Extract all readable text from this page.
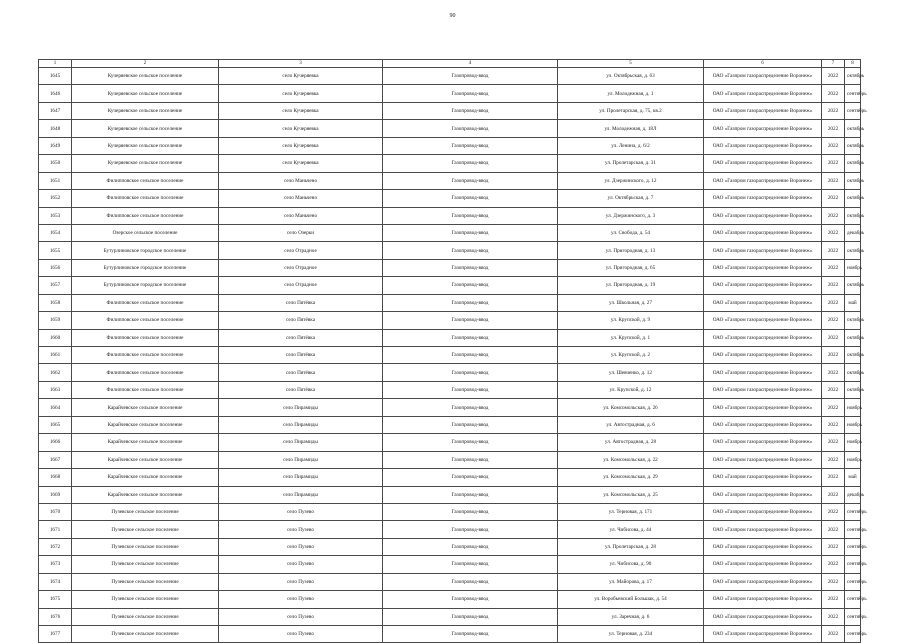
90
1	2	3	4	5	6	7	8
1645	Кучеряевское сельское поселение	село Кучеряевка	Газопровод-ввод	ул. Октябрьская, д. 63	ОАО «Газпром газораспределение Воронеж»	2022	октябрь
1646	Кучеряевское сельское поселение	село Кучеряевка	Газопровод-ввод	ул. Молодежная, д. 1	ОАО «Газпром газораспределение Воронеж»	2022	сентябрь
1647	Кучеряевское сельское поселение	село Кучеряевка	Газопровод-ввод	ул. Пролетарская, д. 75, кв.2	ОАО «Газпром газораспределение Воронеж»	2022	сентябрь
1648	Кучеряевское сельское поселение	село Кучеряевка	Газопровод-ввод	ул. Молодежная, д. 18Л	ОАО «Газпром газораспределение Воронеж»	2022	октябрь
1649	Кучеряевское сельское поселение	село Кучеряевка	Газопровод-ввод	ул. Ленина, д. 6/2	ОАО «Газпром газораспределение Воронеж»	2022	октябрь
1650	Кучеряевское сельское поселение	село Кучеряевка	Газопровод-ввод	ул. Пролетарская, д. 31	ОАО «Газпром газораспределение Воронеж»	2022	октябрь
1651	Филипповское сельское поселение	село Маньчено	Газопровод-ввод	ул. Дзержинского, д. 12	ОАО «Газпром газораспределение Воронеж»	2022	октябрь
1652	Филипповское сельское поселение	село Маньчено	Газопровод-ввод	ул. Октябрьская, д. 7	ОАО «Газпром газораспределение Воронеж»	2022	октябрь
1653	Филипповское сельское поселение	село Маньчено	Газопровод-ввод	ул. Дзержинского, д. 3	ОАО «Газпром газораспределение Воронеж»	2022	октябрь
1654	Озерское сельское поселение	село Озерки	Газопровод-ввод	ул. Свобода, д. 54	ОАО «Газпром газораспределение Воронеж»	2022	декабрь
1655	Бутурлиновское городское поселение	село Отрадное	Газопровод-ввод	ул. Пригородная, д. 13	ОАО «Газпром газораспределение Воронеж»	2022	октябрь
1656	Бутурлиновское городское поселение	село Отрадное	Газопровод-ввод	ул. Пригородная, д. 65	ОАО «Газпром газораспределение Воронеж»	2022	ноябрь
1657	Бутурлиновское городское поселение	село Отрадное	Газопровод-ввод	ул. Пригородная, д. 19	ОАО «Газпром газораспределение Воронеж»	2022	октябрь
1658	Филипповское сельское поселение	село Пятёвка	Газопровод-ввод	ул. Школьная, д. 27	ОАО «Газпром газораспределение Воронеж»	2022	май
1659	Филипповское сельское поселение	село Пятёвка	Газопровод-ввод	ул. Крупской, д. 9	ОАО «Газпром газораспределение Воронеж»	2022	октябрь
1660	Филипповское сельское поселение	село Пятёвка	Газопровод-ввод	ул. Крупской, д. 1	ОАО «Газпром газораспределение Воронеж»	2022	октябрь
1661	Филипповское сельское поселение	село Пятёвка	Газопровод-ввод	ул. Крупской, д. 2	ОАО «Газпром газораспределение Воронеж»	2022	октябрь
1662	Филипповское сельское поселение	село Пятёвка	Газопровод-ввод	ул. Шевченко, д. 12	ОАО «Газпром газораспределение Воронеж»	2022	октябрь
1663	Филипповское сельское поселение	село Пятёвка	Газопровод-ввод	ул. Крупской, д. 12	ОАО «Газпром газораспределение Воронеж»	2022	октябрь
1664	Карайчевское сельское поселение	село Пирамиды	Газопровод-ввод	ул. Комсомольская, д. 26	ОАО «Газпром газораспределение Воронеж»	2022	ноябрь
1665	Карайчевское сельское поселение	село Пирамиды	Газопровод-ввод	ул. Автострадная, д. 6	ОАО «Газпром газораспределение Воронеж»	2022	ноябрь
1666	Карайчевское сельское поселение	село Пирамиды	Газопровод-ввод	ул. Автострадная, д. 28	ОАО «Газпром газораспределение Воронеж»	2022	ноябрь
1667	Карайчевское сельское поселение	село Пирамиды	Газопровод-ввод	ул. Комсомольская, д. 22	ОАО «Газпром газораспределение Воронеж»	2022	ноябрь
1668	Карайчевское сельское поселение	село Пирамиды	Газопровод-ввод	ул. Комсомольская, д. 29	ОАО «Газпром газораспределение Воронеж»	2022	май
1669	Карайчевское сельское поселение	село Пирамиды	Газопровод-ввод	ул. Комсомольская, д. 25	ОАО «Газпром газораспределение Воронеж»	2022	декабрь
1670	Пузевское сельское поселение	село Пузево	Газопровод-ввод	ул. Терновая, д. 171	ОАО «Газпром газораспределение Воронеж»	2022	сентябрь
1671	Пузевское сельское поселение	село Пузево	Газопровод-ввод	ул. Чибисова, д. 44	ОАО «Газпром газораспределение Воронеж»	2022	сентябрь
1672	Пузевское сельское поселение	село Пузево	Газопровод-ввод	ул. Пролетарская, д. 28	ОАО «Газпром газораспределение Воронеж»	2022	сентябрь
1673	Пузевское сельское поселение	село Пузево	Газопровод-ввод	ул. Чибисова, д. 90	ОАО «Газпром газораспределение Воронеж»	2022	сентябрь
1674	Пузевское сельское поселение	село Пузево	Газопровод-ввод	ул. Майорова, д. 17	ОАО «Газпром газораспределение Воронеж»	2022	сентябрь
1675	Пузевское сельское поселение	село Пузево	Газопровод-ввод	ул. Воробьевский Большак, д. 54	ОАО «Газпром газораспределение Воронеж»	2022	сентябрь
1676	Пузевское сельское поселение	село Пузево	Газопровод-ввод	ул. Заречная, д. 6	ОАО «Газпром газораспределение Воронеж»	2022	сентябрь
1677	Пузевское сельское поселение	село Пузево	Газопровод-ввод	ул. Терновая, д. 234	ОАО «Газпром газораспределение Воронеж»	2022	сентябрь
